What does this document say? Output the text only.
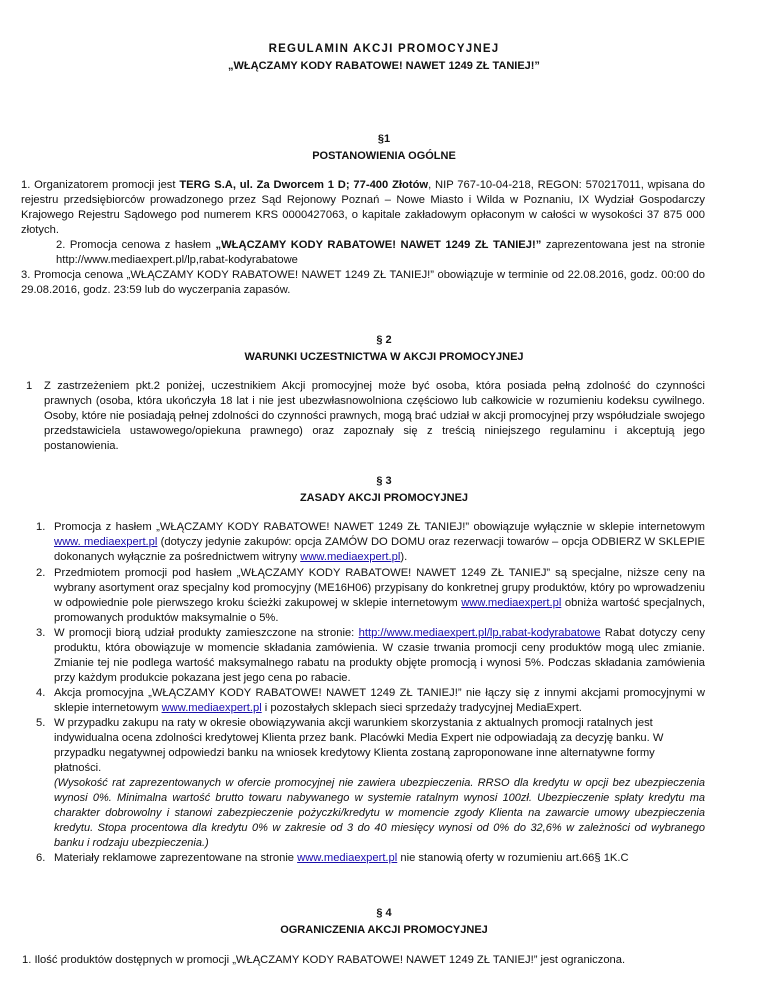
REGULAMIN AKCJI PROMOCYJNEJ
„WŁĄCZAMY KODY RABATOWE! NAWET 1249 ZŁ TANIEJ!”
§1
POSTANOWIENIA OGÓLNE

1. Organizatorem promocji jest TERG S.A, ul. Za Dworcem 1 D; 77-400 Złotów, NIP 767-10-04-218, REGON: 570217011, wpisana do rejestru przedsiębiorców prowadzonego przez Sąd Rejonowy Poznań – Nowe Miasto i Wilda w Poznaniu, IX Wydział Gospodarczy Krajowego Rejestru Sądowego pod numerem KRS 0000427063, o kapitale zakładowym opłaconym w całości w wysokości 37 875 000 złotych.

2. Promocja cenowa z hasłem „WŁĄCZAMY KODY RABATOWE! NAWET 1249 ZŁ TANIEJ!” zaprezentowana jest na stronie http://www.mediaexpert.pl/lp,rabat-kodyrabatowe

3. Promocja cenowa „WŁĄCZAMY KODY RABATOWE! NAWET 1249 ZŁ TANIEJ!” obowiązuje w terminie od 22.08.2016, godz. 00:00 do 29.08.2016, godz. 23:59 lub do wyczerpania zapasów.

§ 2
WARUNKI UCZESTNICTWA W AKCJI PROMOCYJNEJ
1 Z zastrzeżeniem pkt.2 poniżej, uczestnikiem Akcji promocyjnej może być osoba, która posiada pełną zdolność do czynności prawnych (osoba, która ukończyła 18 lat i nie jest ubezwłasnowolniona częściowo lub całkowicie w rozumieniu kodeksu cywilnego. Osoby, które nie posiadają pełnej zdolności do czynności prawnych, mogą brać udział w akcji promocyjnej przy współudziale swojego przedstawiciela ustawowego/opiekuna prawnego) oraz zapoznały się z treścią niniejszego regulaminu i akceptują jego postanowienia.

§ 3
ZASADY AKCJI PROMOCYJNEJ
1. Promocja z hasłem „WŁĄCZAMY KODY RABATOWE! NAWET 1249 ZŁ TANIEJ!” obowiązuje wyłącznie w sklepie internetowym www. mediaexpert.pl (dotyczy jedynie zakupów: opcja ZAMÓW DO DOMU oraz rezerwacji towarów – opcja ODBIERZ W SKLEPIE dokonanych wyłącznie za pośrednictwem witryny www.mediaexpert.pl).

2. Przedmiotem promocji pod hasłem „WŁĄCZAMY KODY RABATOWE! NAWET 1249 ZŁ TANIEJ” są specjalne, niższe ceny na wybrany asortyment oraz specjalny kod promocyjny (ME16H06) przypisany do konkretnej grupy produktów, który po wprowadzeniu w odpowiednie pole pierwszego kroku ścieżki zakupowej w sklepie internetowym www.mediaexpert.pl obniża wartość specjalnych, promowanych produktów maksymalnie o 5%.

3. W promocji biorą udział produkty zamieszczone na stronie: http://www.mediaexpert.pl/lp,rabat-kodyrabatowe Rabat dotyczy ceny produktu, która obowiązuje w momencie składania zamówienia. W czasie trwania promocji ceny produktów mogą ulec zmianie. Zmianie tej nie podlega wartość maksymalnego rabatu na produkty objęte promocją i wynosi 5%. Podczas składania zamówienia przy każdym produkcie pokazana jest jego cena po rabacie.

4. Akcja promocyjna „WŁĄCZAMY KODY RABATOWE! NAWET 1249 ZŁ TANIEJ!” nie łączy się z innymi akcjami promocyjnymi w sklepie internetowym www.mediaexpert.pl i pozostałych sklepach sieci sprzedaży tradycyjnej MediaExpert.

5. W przypadku zakupu na raty w okresie obowiązywania akcji warunkiem skorzystania z aktualnych promocji ratalnych jest indywidualna ocena zdolności kredytowej Klienta przez bank. Placówki Media Expert nie odpowiadają za decyzję banku. W przypadku negatywnej odpowiedzi banku na wniosek kredytowy Klienta zostaną zaproponowane inne alternatywne formy płatności.

(Wysokość rat zaprezentowanych w ofercie promocyjnej nie zawiera ubezpieczenia. RRSO dla kredytu w opcji bez ubezpieczenia wynosi 0%. Minimalna wartość brutto towaru nabywanego w systemie ratalnym wynosi 100zł. Ubezpieczenie spłaty kredytu ma charakter dobrowolny i stanowi zabezpieczenie pożyczki/kredytu w momencie zgody Klienta na zawarcie umowy ubezpieczenia kredytu. Stopa procentowa dla kredytu 0% w zakresie od 3 do 40 miesięcy wynosi od 0% do 32,6% w zależności od wybranego banku i rodzaju ubezpieczenia.)

6. Materiały reklamowe zaprezentowane na stronie www.mediaexpert.pl nie stanowią oferty w rozumieniu art.66§ 1K.C

§ 4
OGRANICZENIA AKCJI PROMOCYJNEJ

1. Ilość produktów dostępnych w promocji „WŁĄCZAMY KODY RABATOWE! NAWET 1249 ZŁ TANIEJ!” jest ograniczona.
